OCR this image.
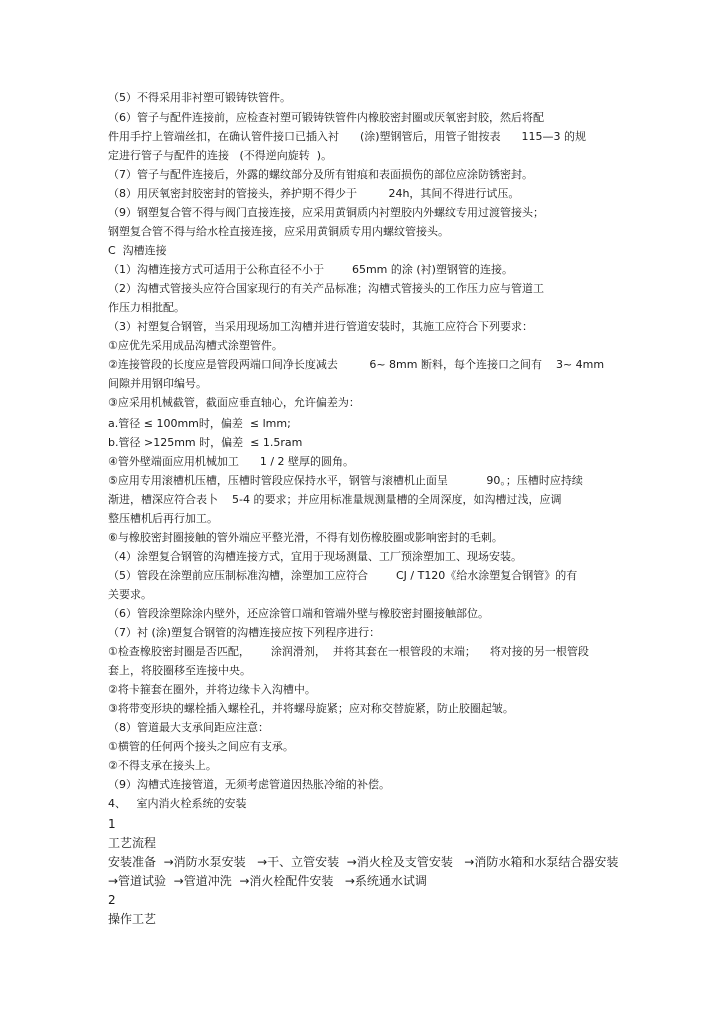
（5）不得采用非衬塑可锻铸铁管件。
（6）管子与配件连接前，应检查衬塑可锻铸铁管件内橡胶密封圈或厌氧密封胶，然后将配
件用手拧上管端丝扣，在确认管件接口已插入衬      (涂)塑钢管后，用管子钳按表      115—3 的规
定进行管子与配件的连接   (不得逆向旋转  )。
（7）管子与配件连接后，外露的螺纹部分及所有钳痕和表面损伤的部位应涂防锈密封。
（8）用厌氧密封胶密封的管接头，养护期不得少于         24h，其间不得进行试压。
（9）钢塑复合管不得与阀门直接连接，应采用黄铜质内衬塑胶内外螺纹专用过渡管接头；
钢塑复合管不得与给水栓直接连接，应采用黄铜质专用内螺纹管接头。
C  沟槽连接
（1）沟槽连接方式可适用于公称直径不小于        65mm 的涂 (衬)塑钢管的连接。
（2）沟槽式管接头应符合国家现行的有关产品标准；沟槽式管接头的工作压力应与管道工
作压力相批配。
（3）衬塑复合钢管，当采用现场加工沟槽并进行管道安装时，其施工应符合下列要求：
①应优先采用成品沟槽式涂塑管件。
②连接管段的长度应是管段两端口间净长度减去         6~ 8mm 断料，每个连接口之间有    3~ 4mm
间隙并用钢印编号。
③应采用机械截管，截面应垂直轴心，允许偏差为：
a.管径 ≤ 100mm时，偏差  ≤ lmm;
b.管径 >125mm 时，偏差  ≤ 1.5ram
④管外壁端面应用机械加工      1 / 2 壁厚的圆角。
⑤应用专用滚槽机压槽，压槽时管段应保持水平，钢管与滚槽机止面呈           90。；压槽时应持续
渐进，槽深应符合表卜    5-4 的要求；并应用标准量规测量槽的全周深度，如沟槽过浅，应调
整压槽机后再行加工。
⑥与橡胶密封圈接触的管外端应平整光滑，不得有划伤橡胶圈或影响密封的毛刺。
（4）涂塑复合钢管的沟槽连接方式，宜用于现场测量、工厂预涂塑加工、现场安装。
（5）管段在涂塑前应压制标准沟槽，涂塑加工应符合        CJ / T120《给水涂塑复合钢管》的有
关要求。
（6）管段涂塑除涂内壁外，还应涂管口端和管端外壁与橡胶密封圈接触部位。
（7）衬 (涂)塑复合钢管的沟槽连接应按下列程序进行：
①检查橡胶密封圈是否匹配，      涂润滑剂，  并将其套在一根管段的末端；    将对接的另一根管段
套上，将胶圈移至连接中央。
②将卡箍套在圈外，并将边缘卡入沟槽中。
③将带变形块的螺栓插入螺栓孔，并将螺母旋紧；应对称交替旋紧，防止胶圈起皱。
（8）管道最大支承间距应注意：
①横管的任何两个接头之间应有支承。
②不得支承在接头上。
（9）沟槽式连接管道，无须考虑管道因热胀冷缩的补偿。
4、   室内消火栓系统的安装
1
工艺流程
安装准备  →消防水泵安装   →干、立管安装  →消火栓及支管安装   →消防水箱和水泵结合器安装
→管道试验  →管道冲洗  →消火栓配件安装   →系统通水试调
2
操作工艺
